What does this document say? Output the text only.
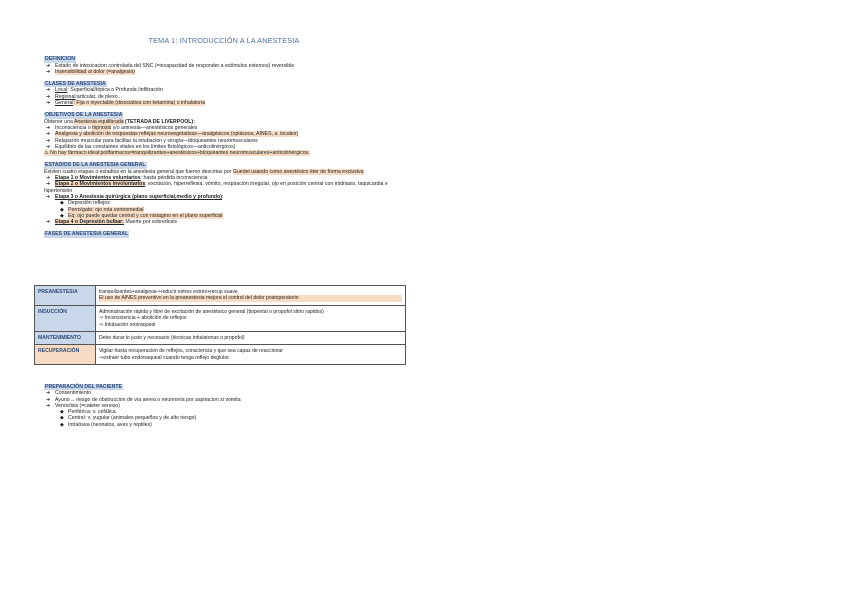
TEMA 1: INTRODUCCIÓN A LA ANESTESIA
DEFINICION
➔ Estado de intoxicacion controlada del SNC (=incapacidad de responder a estímulos externos) reversible
➔ Insensibilidad al dolor (=analgesia)
CLASES DE ANESTESIA
➔ Local: Superficial/tópica o Profunda /infiltración
➔ Regional:articular, de plexo...
➔ General: Fija o inyectable (disociativa con ketamina) o inhalatoria
OBJETIVOS DE LA ANESTESIA
Obtener una Anestesia equilibrada (TETRADA DE LIVERPOOL):
➔ Inconsciencia o hipnosis y/o amnesia—anestésicos generales
➔ Analgesia y abolición de respuestas reflejas neurovegetativas—analgésicos (opiáceos, AINES, a. locales)
➔ Relajación muscular para facilitar la intubación y cirugía—bloqueantes neuromusculares
➔ Equilibrio de las constantes vitales en los límites fisiológicos—anticolinérgicos)
⚠ No hay fármaco ideal:polifarmacos=tranquilizantes+anestésicos+bloqueantes neuromusculares+anticolinérgicos.
ESTADIOS DE LA ANESTESIA GENERAL
Existen cuatro etapas o estadios en la anestesia general que fueron descritas por Guedel usando como anestésico éter de forma exclusiva
➔ Etapa 1 o Movimientos voluntarios: hasta pérdida inconsciencia
➔ Etapa 2 o Movimientos involuntarios: excitación, hiperreflexia, vómito, respiración irregular, ojo en posición central con midriasis, taquicardia e hipertensión
➔ Etapa 3 o Anestesia quirúrgica (plano superficial,medio y profundo):
◆ Depresión reflejos
◆ Perro/gato: ojo rota ventromedial
◆ Eq: ojo puede quedar central y con nistagmo en el plano superficial
➔ Etapa 4 o Depresión bulbar: Muerte por sobredosis
FASES DE ANESTESIA GENERAL
PREANESTESIA	tranquilizantes+analgesia⇒reducir estres estrés+recup suave
El uso de AINES preventivo en la preanestesia mejora el control del dolor postoperatorio

INDUCCIÓN	Administración rápida y libre de excitación de anestésico general (tiopental o propofol sitrio rapidos)
⇒ Inconsciencia + abolición de reflejos
⇒ Intubación orotraqueal

MANTENIMIENTO	Debe durar lo justo y necesario (técnicas inhalatorias o propofol)

RECUPERACIÓN	Vigilar hasta recuperacion de reflejos, consciencia y que sea capaz de reaccionar
⇒extraer tubo endotraqueal cuando tenga reflejo deglutor.
PREPARACIÓN DEL PACIENTE
➔ Consentimiento
➔ Ayuno→ riesgo de obstruccion de vía aerea o neumonía por aspiracion si vomita
➔ Venoclisis (=cateter venoso)
◆ Periférica: v. cefálica.
◆ Central: v. yugular (animales pequeños y de alto riesgo)
◆ Intraósea (neonatos, aves y reptiles)
